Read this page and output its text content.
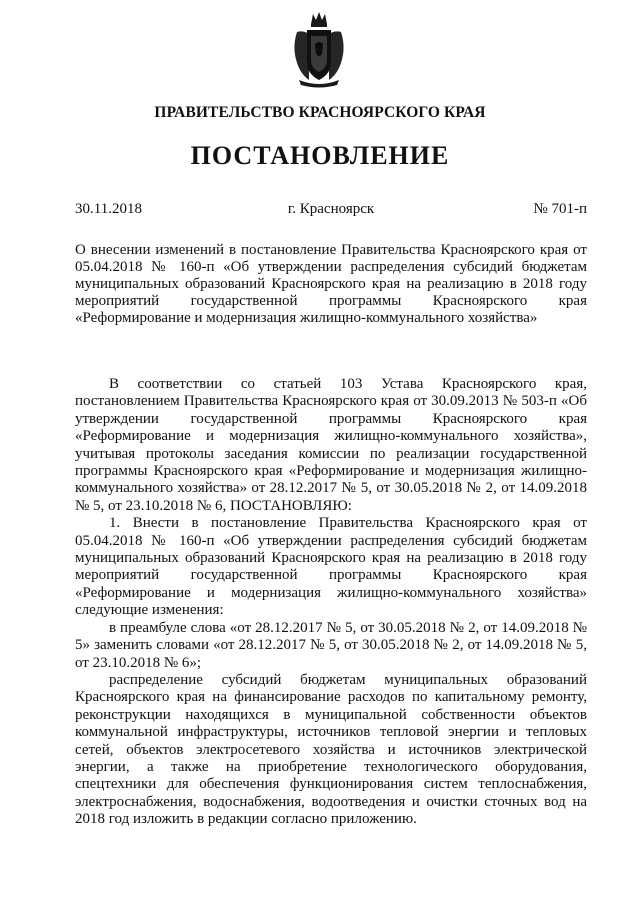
ПРАВИТЕЛЬСТВО КРАСНОЯРСКОГО КРАЯ
ПОСТАНОВЛЕНИЕ
30.11.2018	г. Красноярск	№ 701-п
О внесении изменений в постановление Правительства Красноярского края от 05.04.2018 № 160-п «Об утверждении распределения субсидий бюджетам муниципальных образований Красноярского края на реализацию в 2018 году мероприятий государственной программы Красноярского края «Реформирование и модернизация жилищно-коммунального хозяйства»

В соответствии со статьей 103 Устава Красноярского края, постановлением Правительства Красноярского края от 30.09.2013 № 503-п «Об утверждении государственной программы Красноярского края «Реформирование и модернизация жилищно-коммунального хозяйства», учитывая протоколы заседания комиссии по реализации государственной программы Красноярского края «Реформирование и модернизация жилищно-коммунального хозяйства» от 28.12.2017 № 5, от 30.05.2018 № 2, от 14.09.2018 № 5, от 23.10.2018 № 6, ПОСТАНОВЛЯЮ:

1. Внести в постановление Правительства Красноярского края от 05.04.2018 № 160-п «Об утверждении распределения субсидий бюджетам муниципальных образований Красноярского края на реализацию в 2018 году мероприятий государственной программы Красноярского края «Реформирование и модернизация жилищно-коммунального хозяйства» следующие изменения:

в преамбуле слова «от 28.12.2017 № 5, от 30.05.2018 № 2, от 14.09.2018 № 5» заменить словами «от 28.12.2017 № 5, от 30.05.2018 № 2, от 14.09.2018 № 5, от 23.10.2018 № 6»;

распределение субсидий бюджетам муниципальных образований Красноярского края на финансирование расходов по капитальному ремонту, реконструкции находящихся в муниципальной собственности объектов коммунальной инфраструктуры, источников тепловой энергии и тепловых сетей, объектов электросетевого хозяйства и источников электрической энергии, а также на приобретение технологического оборудования, спецтехники для обеспечения функционирования систем теплоснабжения, электроснабжения, водоснабжения, водоотведения и очистки сточных вод на 2018 год изложить в редакции согласно приложению.
